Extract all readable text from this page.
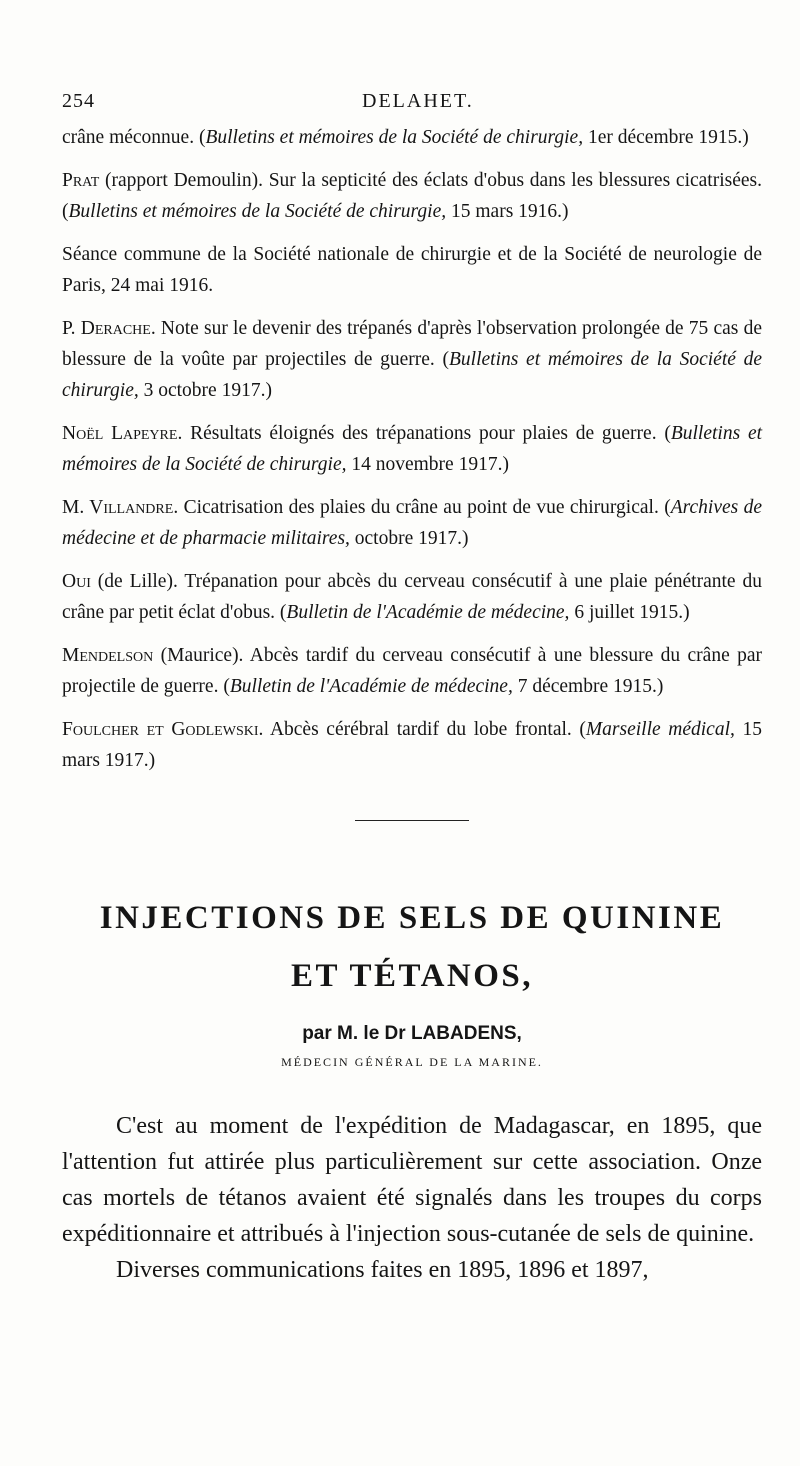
254	DELAHET.

crâne méconnue. (Bulletins et mémoires de la Société de chirurgie, 1er décembre 1915.)

Prat (rapport Demoulin). Sur la septicité des éclats d'obus dans les blessures cicatrisées. (Bulletins et mémoires de la Société de chirurgie, 15 mars 1916.)

Séance commune de la Société nationale de chirurgie et de la Société de neurologie de Paris, 24 mai 1916.

P. Derache. Note sur le devenir des trépanés d'après l'observation prolongée de 75 cas de blessure de la voûte par projectiles de guerre. (Bulletins et mémoires de la Société de chirurgie, 3 octobre 1917.)

Noël Lapeyre. Résultats éloignés des trépanations pour plaies de guerre. (Bulletins et mémoires de la Société de chirurgie, 14 novembre 1917.)

M. Villandre. Cicatrisation des plaies du crâne au point de vue chirurgical. (Archives de médecine et de pharmacie militaires, octobre 1917.)

Oui (de Lille). Trépanation pour abcès du cerveau consécutif à une plaie pénétrante du crâne par petit éclat d'obus. (Bulletin de l'Académie de médecine, 6 juillet 1915.)

Mendelson (Maurice). Abcès tardif du cerveau consécutif à une blessure du crâne par projectile de guerre. (Bulletin de l'Académie de médecine, 7 décembre 1915.)

Foulcher et Godlewski. Abcès cérébral tardif du lobe frontal. (Marseille médical, 15 mars 1917.)

INJECTIONS DE SELS DE QUININE
ET TÉTANOS,
par M. le Dr LABADENS,
MÉDECIN GÉNÉRAL DE LA MARINE.

C'est au moment de l'expédition de Madagascar, en 1895, que l'attention fut attirée plus particulièrement sur cette association. Onze cas mortels de tétanos avaient été signalés dans les troupes du corps expéditionnaire et attribués à l'injection sous-cutanée de sels de quinine.

Diverses communications faites en 1895, 1896 et 1897,
